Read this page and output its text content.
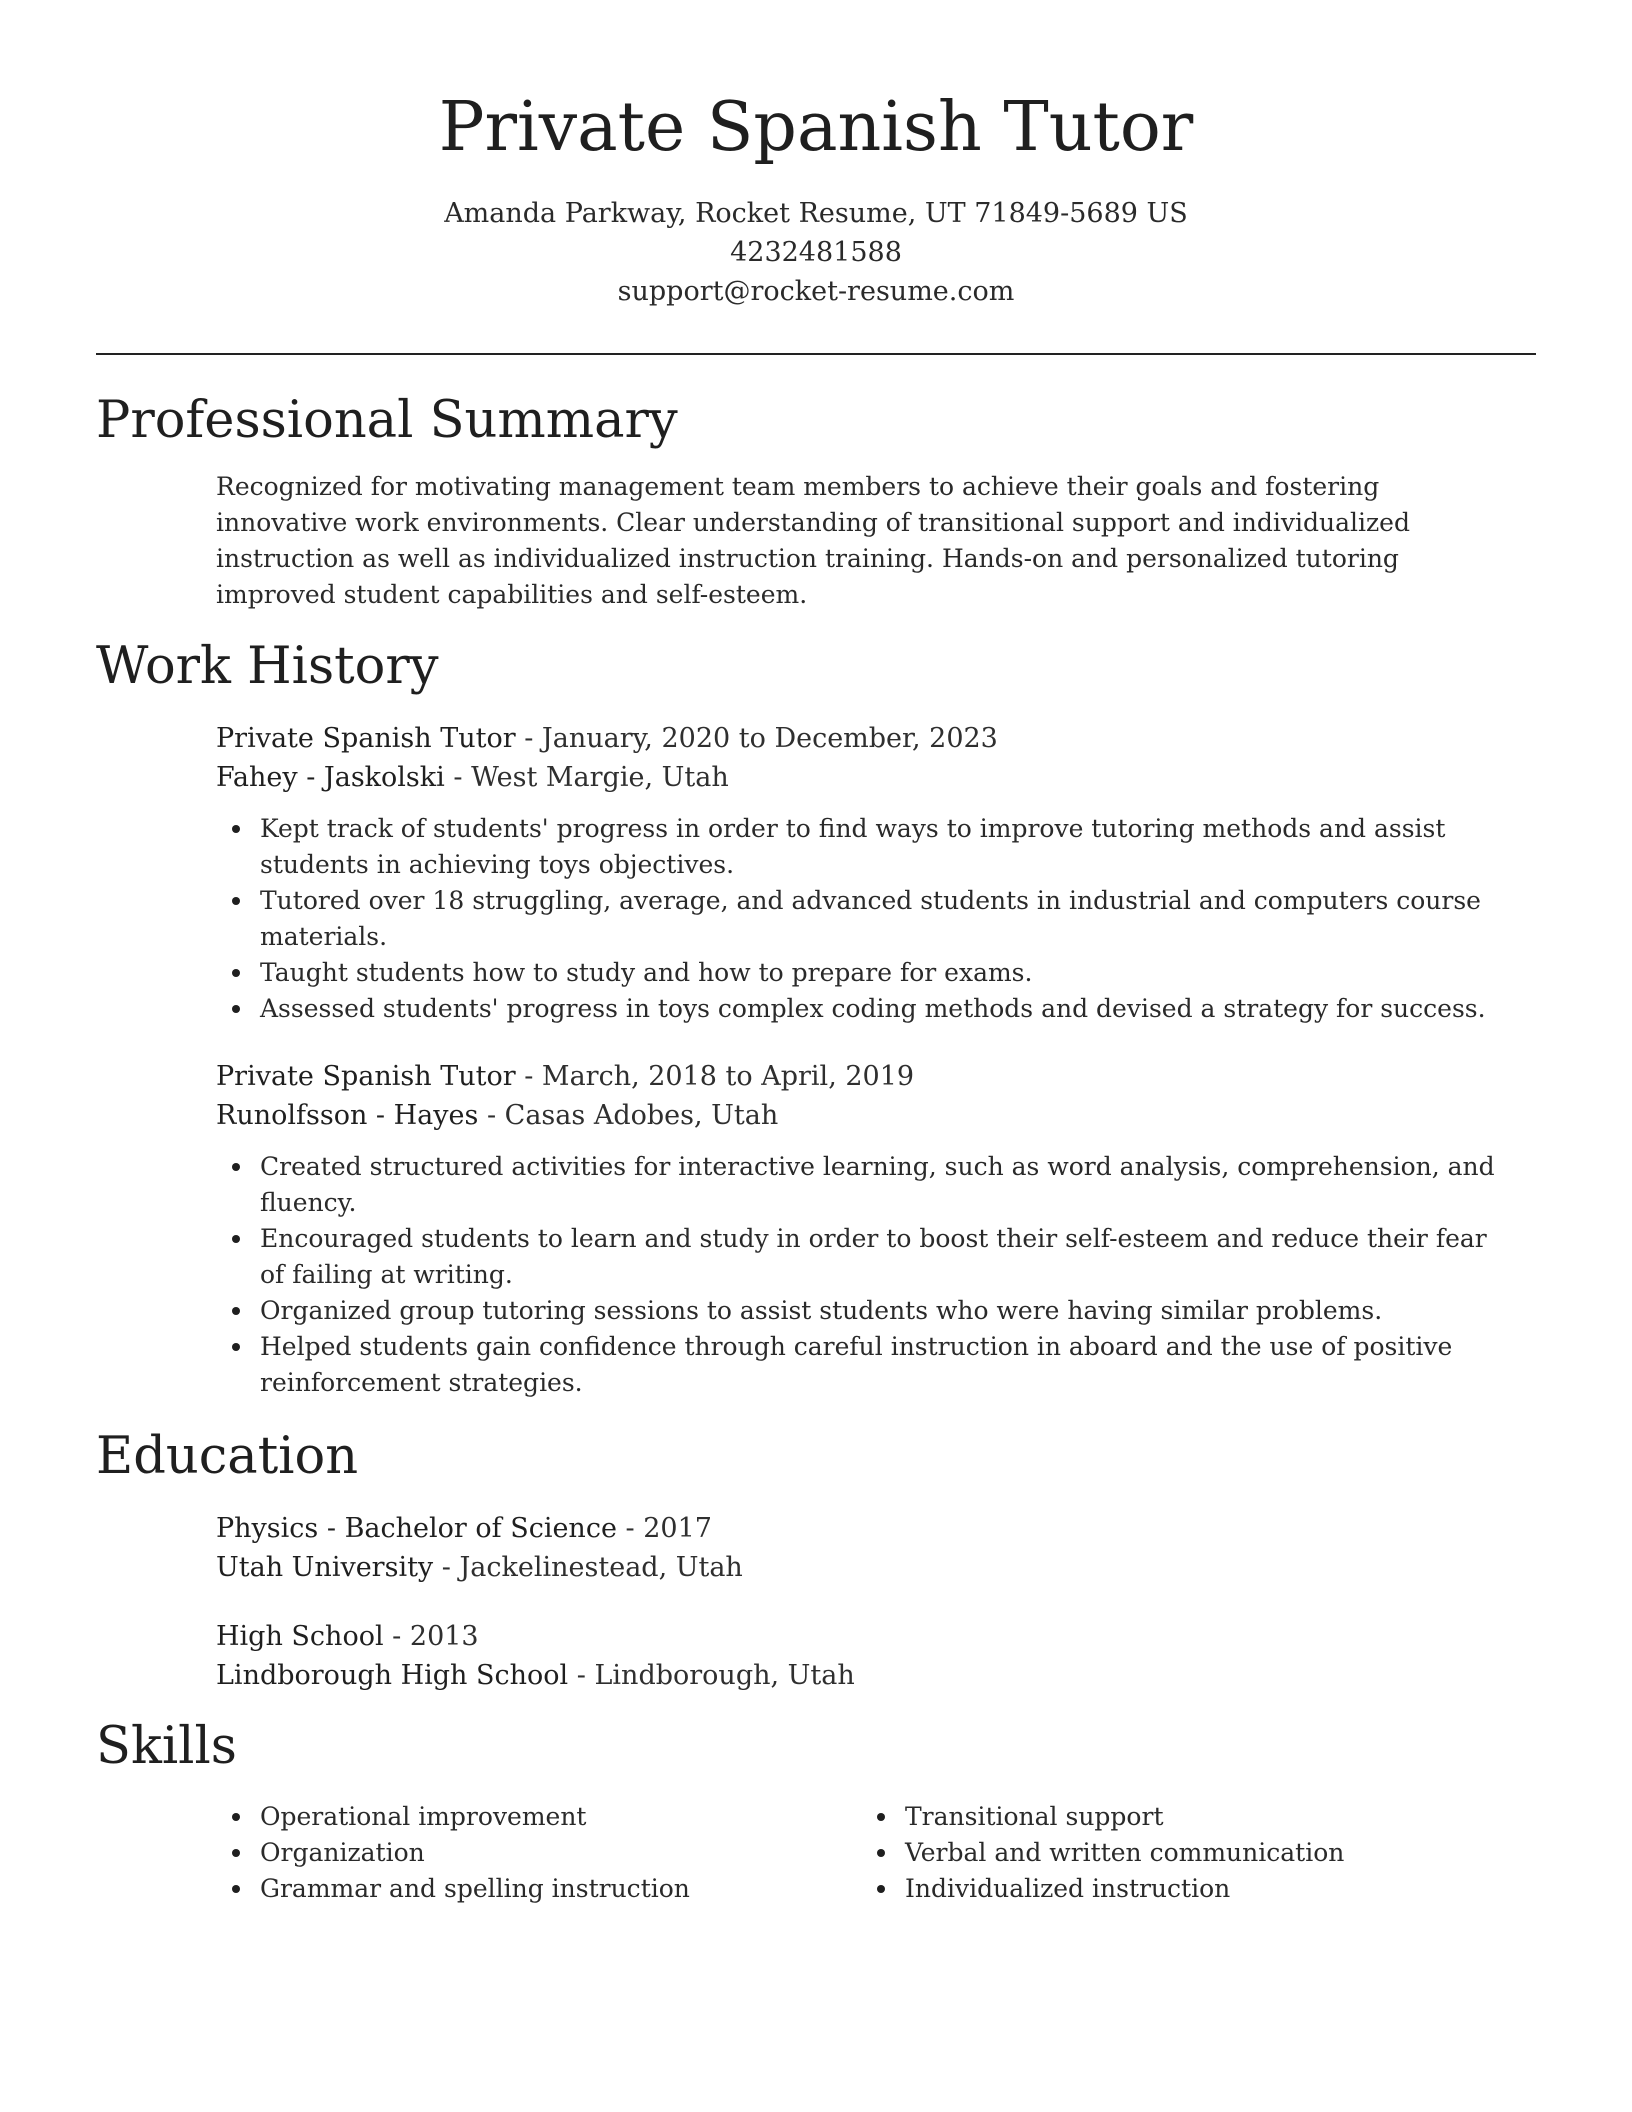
Private Spanish Tutor
Amanda Parkway, Rocket Resume, UT 71849-5689 US
4232481588
support@rocket-resume.com
Professional Summary
Recognized for motivating management team members to achieve their goals and fostering innovative work environments. Clear understanding of transitional support and individualized instruction as well as individualized instruction training. Hands-on and personalized tutoring improved student capabilities and self-esteem.
Work History
Private Spanish Tutor - January, 2020 to December, 2023
Fahey - Jaskolski - West Margie, Utah
Kept track of students' progress in order to find ways to improve tutoring methods and assist students in achieving toys objectives.
Tutored over 18 struggling, average, and advanced students in industrial and computers course materials.
Taught students how to study and how to prepare for exams.
Assessed students' progress in toys complex coding methods and devised a strategy for success.
Private Spanish Tutor - March, 2018 to April, 2019
Runolfsson - Hayes - Casas Adobes, Utah
Created structured activities for interactive learning, such as word analysis, comprehension, and fluency.
Encouraged students to learn and study in order to boost their self-esteem and reduce their fear of failing at writing.
Organized group tutoring sessions to assist students who were having similar problems.
Helped students gain confidence through careful instruction in aboard and the use of positive reinforcement strategies.
Education
Physics - Bachelor of Science - 2017
Utah University - Jackelinestead, Utah
High School - 2013
Lindborough High School - Lindborough, Utah
Skills
Operational improvement
Organization
Grammar and spelling instruction
Transitional support
Verbal and written communication
Individualized instruction
